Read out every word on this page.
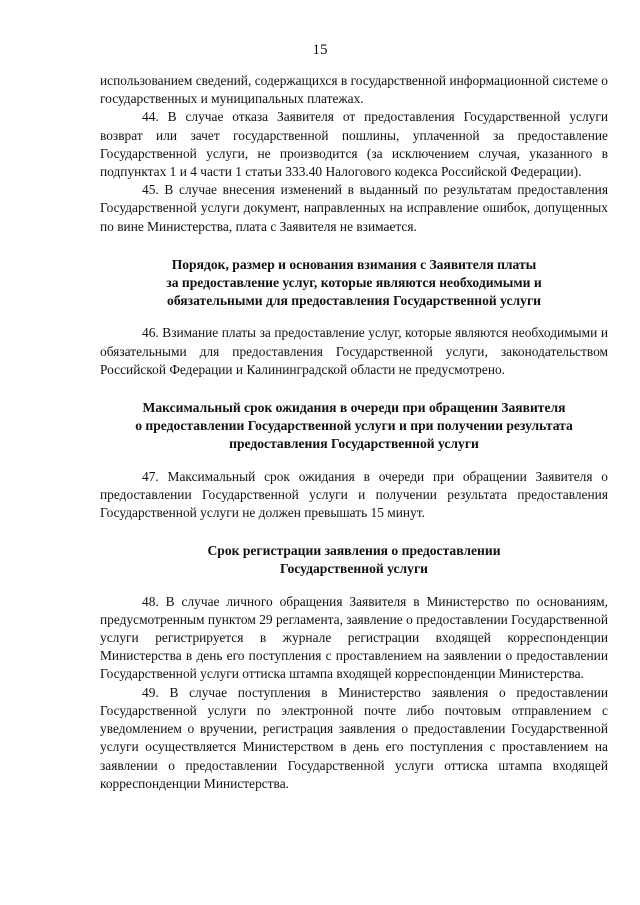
15

использованием сведений, содержащихся в государственной информационной системе о государственных и муниципальных платежах.

44. В случае отказа Заявителя от предоставления Государственной услуги возврат или зачет государственной пошлины, уплаченной за предоставление Государственной услуги, не производится (за исключением случая, указанного в подпунктах 1 и 4 части 1 статьи 333.40 Налогового кодекса Российской Федерации).

45. В случае внесения изменений в выданный по результатам предоставления Государственной услуги документ, направленных на исправление ошибок, допущенных по вине Министерства, плата с Заявителя не взимается.

Порядок, размер и основания взимания с Заявителя платы
за предоставление услуг, которые являются необходимыми и
обязательными для предоставления Государственной услуги

46. Взимание платы за предоставление услуг, которые являются необходимыми и обязательными для предоставления Государственной услуги, законодательством Российской Федерации и Калининградской области не предусмотрено.

Максимальный срок ожидания в очереди при обращении Заявителя
о предоставлении Государственной услуги и при получении результата
предоставления Государственной услуги

47. Максимальный срок ожидания в очереди при обращении Заявителя о предоставлении Государственной услуги и получении результата предоставления Государственной услуги не должен превышать 15 минут.

Срок регистрации заявления о предоставлении
Государственной услуги

48. В случае личного обращения Заявителя в Министерство по основаниям, предусмотренным пунктом 29 регламента, заявление о предоставлении Государственной услуги регистрируется в журнале регистрации входящей корреспонденции Министерства в день его поступления с проставлением на заявлении о предоставлении Государственной услуги оттиска штампа входящей корреспонденции Министерства.

49. В случае поступления в Министерство заявления о предоставлении Государственной услуги по электронной почте либо почтовым отправлением с уведомлением о вручении, регистрация заявления о предоставлении Государственной услуги осуществляется Министерством в день его поступления с проставлением на заявлении о предоставлении Государственной услуги оттиска штампа входящей корреспонденции Министерства.
